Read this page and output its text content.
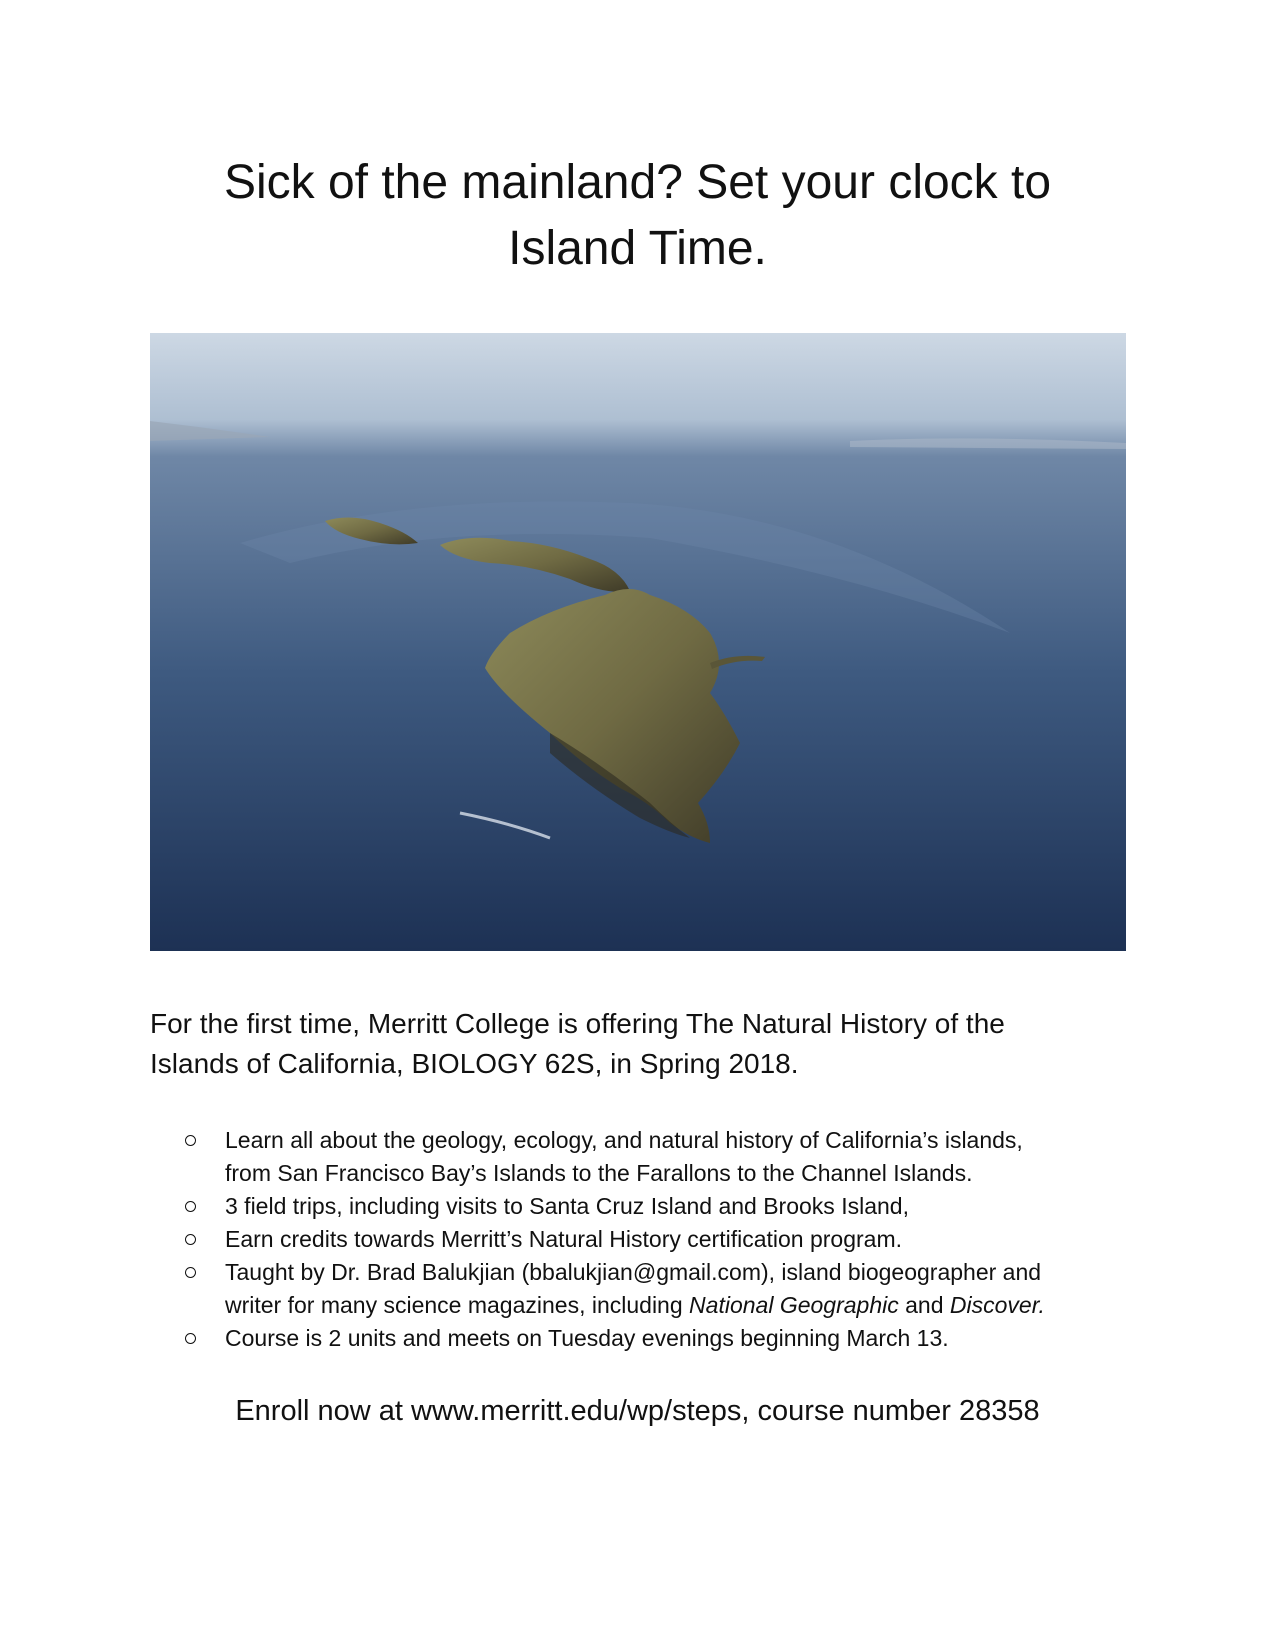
Sick of the mainland? Set your clock to
Island Time.

For the first time, Merritt College is offering The Natural History of the
Islands of California, BIOLOGY 62S, in Spring 2018.

Learn all about the geology, ecology, and natural history of California’s islands,
from San Francisco Bay’s Islands to the Farallons to the Channel Islands.
3 field trips, including visits to Santa Cruz Island and Brooks Island,
Earn credits towards Merritt’s Natural History certification program.
Taught by Dr. Brad Balukjian (bbalukjian@gmail.com), island biogeographer and
writer for many science magazines, including National Geographic and Discover.
Course is 2 units and meets on Tuesday evenings beginning March 13.

Enroll now at www.merritt.edu/wp/steps, course number 28358
